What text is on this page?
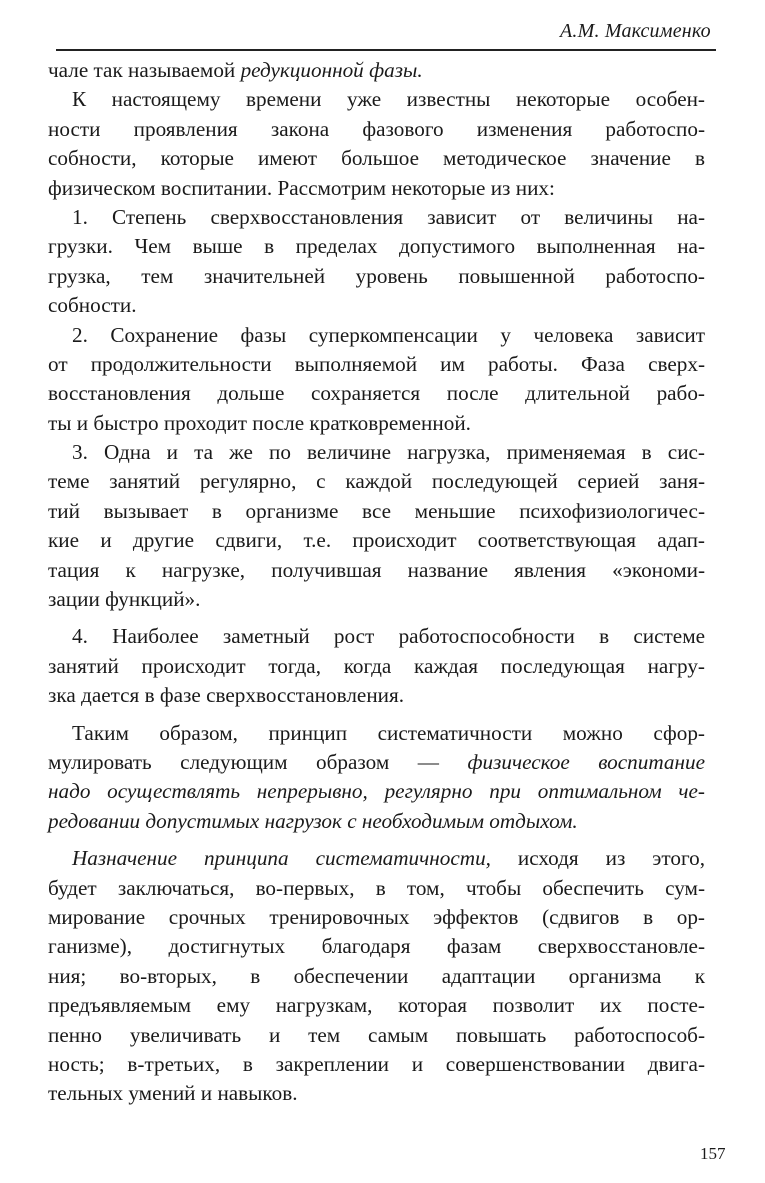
А.М. Максименко
чале так называемой редукционной фазы.
К настоящему времени уже известны некоторые особен-
ности проявления закона фазового изменения работоспо-
собности, которые имеют большое методическое значение в
физическом воспитании. Рассмотрим некоторые из них:
1. Степень сверхвосстановления зависит от величины на-
грузки. Чем выше в пределах допустимого выполненная на-
грузка, тем значительней уровень повышенной работоспо-
собности.
2. Сохранение фазы суперкомпенсации у человека зависит
от продолжительности выполняемой им работы. Фаза сверх-
восстановления дольше сохраняется после длительной рабо-
ты и быстро проходит после кратковременной.
3. Одна и та же по величине нагрузка, применяемая в сис-
теме занятий регулярно, с каждой последующей серией заня-
тий вызывает в организме все меньшие психофизиологичес-
кие и другие сдвиги, т.е. происходит соответствующая адап-
тация к нагрузке, получившая название явления «экономи-
зации функций».
4. Наиболее заметный рост работоспособности в системе
занятий происходит тогда, когда каждая последующая нагру-
зка дается в фазе сверхвосстановления.
Таким образом, принцип систематичности можно сфор-
мулировать следующим образом — физическое воспитание
надо осуществлять непрерывно, регулярно при оптимальном че-
редовании допустимых нагрузок с необходимым отдыхом.
Назначение принципа систематичности, исходя из этого,
будет заключаться, во-первых, в том, чтобы обеспечить сум-
мирование срочных тренировочных эффектов (сдвигов в ор-
ганизме), достигнутых благодаря фазам сверхвосстановле-
ния; во-вторых, в обеспечении адаптации организма к
предъявляемым ему нагрузкам, которая позволит их посте-
пенно увеличивать и тем самым повышать работоспособ-
ность; в-третьих, в закреплении и совершенствовании двига-
тельных умений и навыков.
157
